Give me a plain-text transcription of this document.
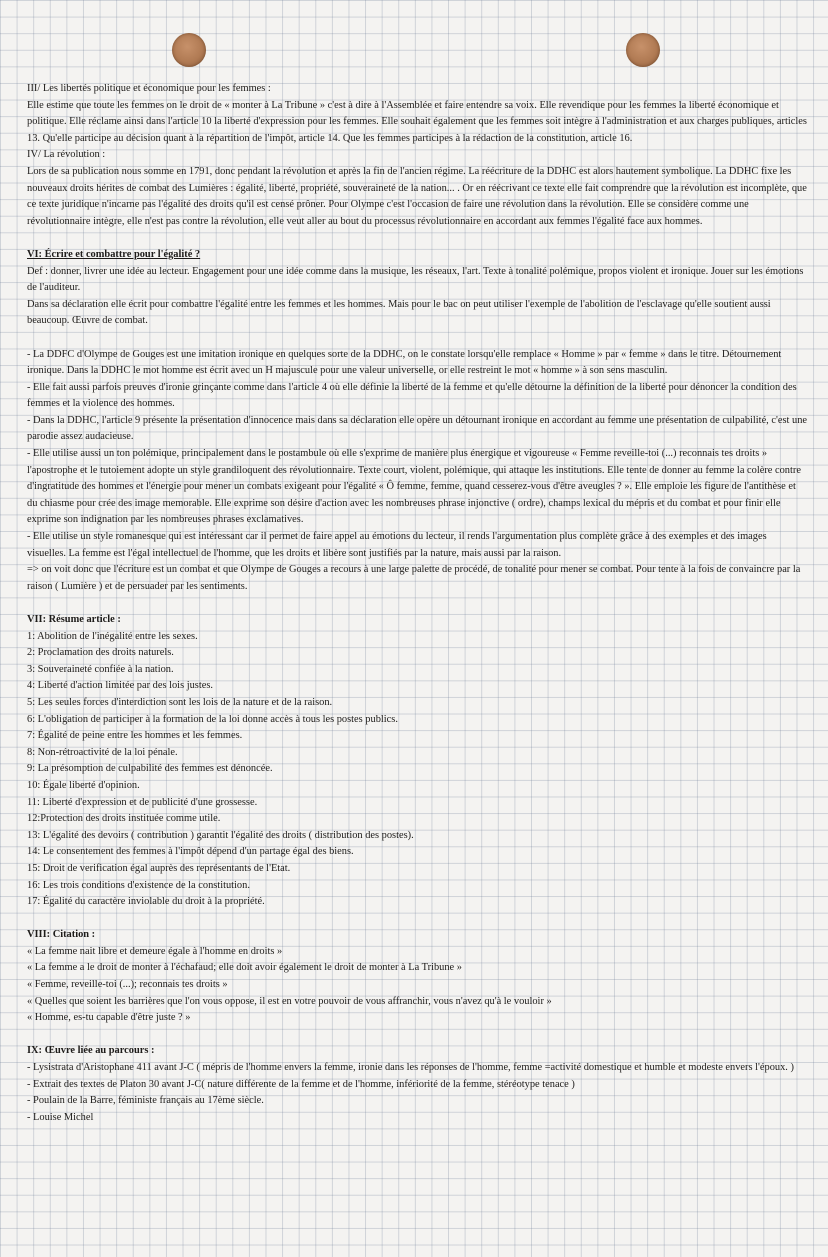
III/ Les libertés politique et économique pour les femmes :

Elle estime que toute les femmes on le droit de « monter à La Tribune » c'est à dire à l'Assemblée et faire entendre sa voix. Elle revendique pour les femmes la liberté économique et politique. Elle réclame ainsi dans l'article 10 la liberté d'expression pour les femmes. Elle souhait également que les femmes soit intègre à l'administration et aux charges publiques, articles 13. Qu'elle participe au décision quant à la répartition de l'impôt, article 14. Que les femmes participes à la rédaction de la constitution, article 16.

IV/ La révolution :

Lors de sa publication nous somme en 1791, donc pendant la révolution et après la fin de l'ancien régime. La réécriture de la DDHC est alors hautement symbolique. La DDHC fixe les nouveaux droits hérites de combat des Lumières : égalité, liberté, propriété, souveraineté de la nation... . Or en réécrivant ce texte elle fait comprendre que la révolution est incomplète, que ce texte juridique n'incarne pas l'égalité des droits qu'il est censé prôner. Pour Olympe c'est l'occasion de faire une révolution dans la révolution. Elle se considère comme une révolutionnaire intègre, elle n'est pas contre la révolution, elle veut aller au bout du processus révolutionnaire en accordant aux femmes l'égalité face aux hommes.

VI: Écrire et combattre pour l'égalité ?

Def : donner, livrer une idée au lecteur. Engagement pour une idée comme dans la musique, les réseaux, l'art. Texte à tonalité polémique, propos violent et ironique. Jouer sur les émotions de l'auditeur.

Dans sa déclaration elle écrit pour combattre l'égalité entre les femmes et les hommes. Mais pour le bac on peut utiliser l'exemple de l'abolition de l'esclavage qu'elle soutient aussi beaucoup. Œuvre de combat.

- La DDFC d'Olympe de Gouges est une imitation ironique en quelques sorte de la DDHC, on le constate lorsqu'elle remplace « Homme » par « femme » dans le titre. Détournement ironique. Dans la DDHC le mot homme est écrit avec un H majuscule pour une valeur universelle, or elle restreint le mot « homme » à son sens masculin.

- Elle fait aussi parfois preuves d'ironie grinçante comme dans l'article 4 où elle définie la liberté de la femme et qu'elle détourne la définition de la liberté pour dénoncer la condition des femmes et la violence des hommes.

- Dans la DDHC, l'article 9 présente la présentation d'innocence mais dans sa déclaration elle opère un détournant ironique en accordant au femme une présentation de culpabilité, c'est une parodie assez audacieuse.

- Elle utilise aussi un ton polémique, principalement dans le postambule où elle s'exprime de manière plus énergique et vigoureuse « Femme reveille-toi (...) reconnais tes droits » l'apostrophe et le tutoiement adopte un style grandiloquent des révolutionnaire. Texte court, violent, polémique, qui attaque les institutions. Elle tente de donner au femme la colère contre d'ingratitude des hommes et l'énergie pour mener un combats exigeant pour l'égalité « Ô femme, femme, quand cesserez-vous d'être aveugles ? ». Elle emploie les figure de l'antithèse et du chiasme pour crée des image memorable. Elle exprime son désire d'action avec les nombreuses phrase injonctive ( ordre), champs lexical du mépris et du combat et pour finir elle exprime son indignation par les nombreuses phrases exclamatives.

- Elle utilise un style romanesque qui est intéressant car il permet de faire appel au émotions du lecteur, il rends l'argumentation plus complète grâce à des exemples et des images visuelles. La femme est l'égal intellectuel de l'homme, que les droits et libère sont justifiés par la nature, mais aussi par la raison.

=> on voit donc que l'écriture est un combat et que Olympe de Gouges a recours à une large palette de procédé, de tonalité pour mener se combat. Pour tente à la fois de convaincre par la raison ( Lumière ) et de persuader par les sentiments.

VII: Résume article :

1: Abolition de l'inégalité entre les sexes.

2: Proclamation des droits naturels.

3: Souveraineté confiée à la nation.

4: Liberté d'action limitée par des lois justes.

5: Les seules forces d'interdiction sont les lois de la nature et de la raison.

6: L'obligation de participer à la formation de la loi donne accès à tous les postes publics.

7: Égalité de peine entre les hommes et les femmes.

8: Non-rétroactivité de la loi pénale.

9: La présomption de culpabilité des femmes est dénoncée.

10: Égale liberté d'opinion.

11: Liberté d'expression et de publicité d'une grossesse.

12:Protection des droits instituée comme utile.

13: L'égalité des devoirs ( contribution ) garantit l'égalité des droits ( distribution des postes).

14: Le consentement des femmes à l'impôt dépend d'un partage égal des biens.

15: Droit de verification égal auprès des représentants de l'Etat.

16: Les trois conditions d'existence de la constitution.

17: Égalité du caractère inviolable du droit à la propriété.

VIII: Citation :

« La femme nait libre et demeure égale à l'homme en droits »

« La femme a le droit de monter à l'échafaud; elle doit avoir également le droit de monter à La Tribune »

« Femme, reveille-toi (...); reconnais tes droits »

« Quelles que soient les barrières que l'on vous oppose, il est en votre pouvoir de vous affranchir, vous n'avez qu'à le vouloir »

« Homme, es-tu capable d'être juste ? »

IX: Œuvre liée au parcours :

- Lysistrata d'Aristophane 411 avant J-C ( mépris de l'homme envers la femme, ironie dans les réponses de l'homme, femme =activité domestique et humble et modeste envers l'époux. )

- Extrait des textes de Platon 30 avant J-C( nature différente de la femme et de l'homme, infériorité de la femme, stéréotype tenace )

- Poulain de la Barre, féministe français au 17ème siècle.

- Louise Michel
